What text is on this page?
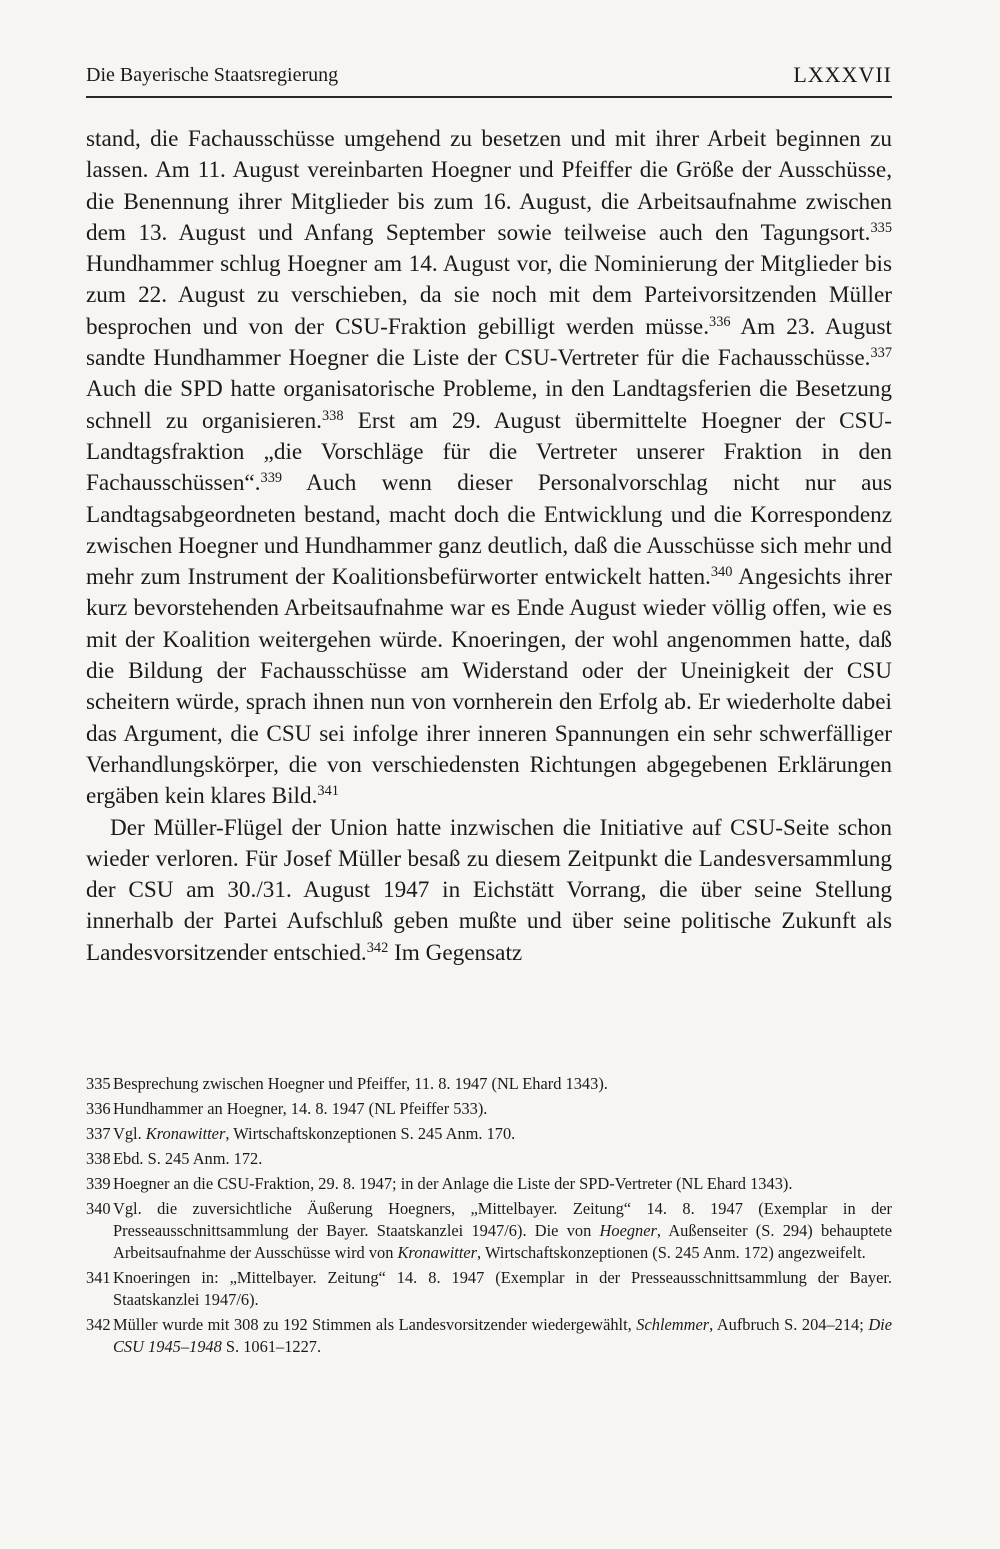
Die Bayerische Staatsregierung	LXXXVII

stand, die Fachausschüsse umgehend zu besetzen und mit ihrer Arbeit beginnen zu lassen. Am 11. August vereinbarten Hoegner und Pfeiffer die Größe der Ausschüsse, die Benennung ihrer Mitglieder bis zum 16. August, die Arbeitsaufnahme zwischen dem 13. August und Anfang September sowie teilweise auch den Tagungsort.$^{335}$ Hundhammer schlug Hoegner am 14. August vor, die Nominierung der Mitglieder bis zum 22. August zu verschieben, da sie noch mit dem Parteivorsitzenden Müller besprochen und von der CSU-Fraktion gebilligt werden müsse.$^{336}$ Am 23. August sandte Hundhammer Hoegner die Liste der CSU-Vertreter für die Fachausschüsse.$^{337}$ Auch die SPD hatte organisatorische Probleme, in den Landtagsferien die Besetzung schnell zu organisieren.$^{338}$ Erst am 29. August übermittelte Hoegner der CSU-Landtagsfraktion „die Vorschläge für die Vertreter unserer Fraktion in den Fachausschüssen“.$^{339}$ Auch wenn dieser Personalvorschlag nicht nur aus Landtagsabgeordneten bestand, macht doch die Entwicklung und die Korrespondenz zwischen Hoegner und Hundhammer ganz deutlich, daß die Ausschüsse sich mehr und mehr zum Instrument der Koalitionsbefürworter entwickelt hatten.$^{340}$ Angesichts ihrer kurz bevorstehenden Arbeitsaufnahme war es Ende August wieder völlig offen, wie es mit der Koalition weitergehen würde. Knoeringen, der wohl angenommen hatte, daß die Bildung der Fachausschüsse am Widerstand oder der Uneinigkeit der CSU scheitern würde, sprach ihnen nun von vornherein den Erfolg ab. Er wiederholte dabei das Argument, die CSU sei infolge ihrer inneren Spannungen ein sehr schwerfälliger Verhandlungskörper, die von verschiedensten Richtungen abgegebenen Erklärungen ergäben kein klares Bild.$^{341}$

Der Müller-Flügel der Union hatte inzwischen die Initiative auf CSU-Seite schon wieder verloren. Für Josef Müller besaß zu diesem Zeitpunkt die Landesversammlung der CSU am 30./31. August 1947 in Eichstätt Vorrang, die über seine Stellung innerhalb der Partei Aufschluß geben mußte und über seine politische Zukunft als Landesvorsitzender entschied.$^{342}$ Im Gegensatz

335 Besprechung zwischen Hoegner und Pfeiffer, 11. 8. 1947 (NL Ehard 1343).
336 Hundhammer an Hoegner, 14. 8. 1947 (NL Pfeiffer 533).
337 Vgl. Kronawitter, Wirtschaftskonzeptionen S. 245 Anm. 170.
338 Ebd. S. 245 Anm. 172.
339 Hoegner an die CSU-Fraktion, 29. 8. 1947; in der Anlage die Liste der SPD-Vertreter (NL Ehard 1343).
340 Vgl. die zuversichtliche Äußerung Hoegners, „Mittelbayer. Zeitung“ 14. 8. 1947 (Exemplar in der Presseausschnittsammlung der Bayer. Staatskanzlei 1947/6). Die von Hoegner, Außenseiter (S. 294) behauptete Arbeitsaufnahme der Ausschüsse wird von Kronawitter, Wirtschaftskonzeptionen (S. 245 Anm. 172) angezweifelt.
341 Knoeringen in: „Mittelbayer. Zeitung“ 14. 8. 1947 (Exemplar in der Presseausschnittsammlung der Bayer. Staatskanzlei 1947/6).
342 Müller wurde mit 308 zu 192 Stimmen als Landesvorsitzender wiedergewählt, Schlemmer, Aufbruch S. 204–214; Die CSU 1945–1948 S. 1061–1227.
